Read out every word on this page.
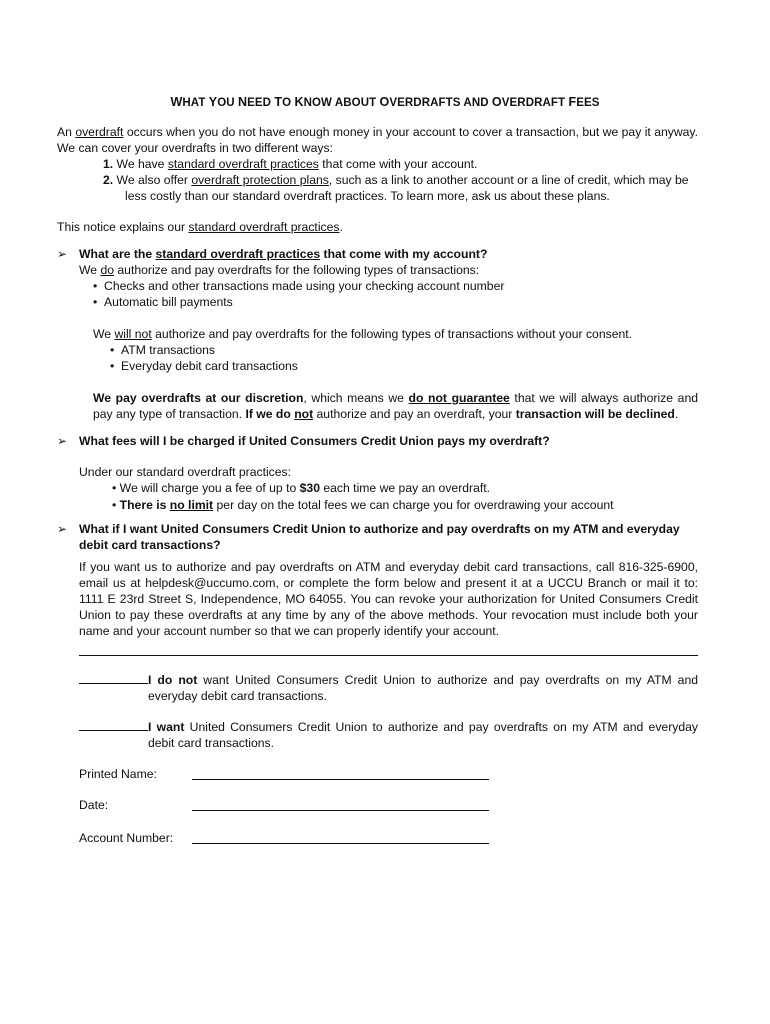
WHAT YOU NEED TO KNOW ABOUT OVERDRAFTS AND OVERDRAFT FEES
An overdraft occurs when you do not have enough money in your account to cover a transaction, but we pay it anyway. We can cover your overdrafts in two different ways:
1. We have standard overdraft practices that come with your account.
2. We also offer overdraft protection plans, such as a link to another account or a line of credit, which may be less costly than our standard overdraft practices. To learn more, ask us about these plans.
This notice explains our standard overdraft practices.
➢ What are the standard overdraft practices that come with my account?
We do authorize and pay overdrafts for the following types of transactions:
•  Checks and other transactions made using your checking account number
•  Automatic bill payments
We will not authorize and pay overdrafts for the following types of transactions without your consent.
•  ATM transactions
•  Everyday debit card transactions
We pay overdrafts at our discretion, which means we do not guarantee that we will always authorize and pay any type of transaction. If we do not authorize and pay an overdraft, your transaction will be declined.
➢ What fees will I be charged if United Consumers Credit Union pays my overdraft?
Under our standard overdraft practices:
• We will charge you a fee of up to $30 each time we pay an overdraft.
• There is no limit per day on the total fees we can charge you for overdrawing your account
➢ What if I want United Consumers Credit Union to authorize and pay overdrafts on my ATM and everyday debit card transactions?
If you want us to authorize and pay overdrafts on ATM and everyday debit card transactions, call 816-325-6900, email us at helpdesk@uccumo.com, or complete the form below and present it at a UCCU Branch or mail it to: 1111 E 23rd Street S, Independence, MO 64055. You can revoke your authorization for United Consumers Credit Union to pay these overdrafts at any time by any of the above methods. Your revocation must include both your name and your account number so that we can properly identify your account.
I do not want United Consumers Credit Union to authorize and pay overdrafts on my ATM and everyday debit card transactions.
I want United Consumers Credit Union to authorize and pay overdrafts on my ATM and everyday debit card transactions.
Printed Name:
Date:
Account Number:
